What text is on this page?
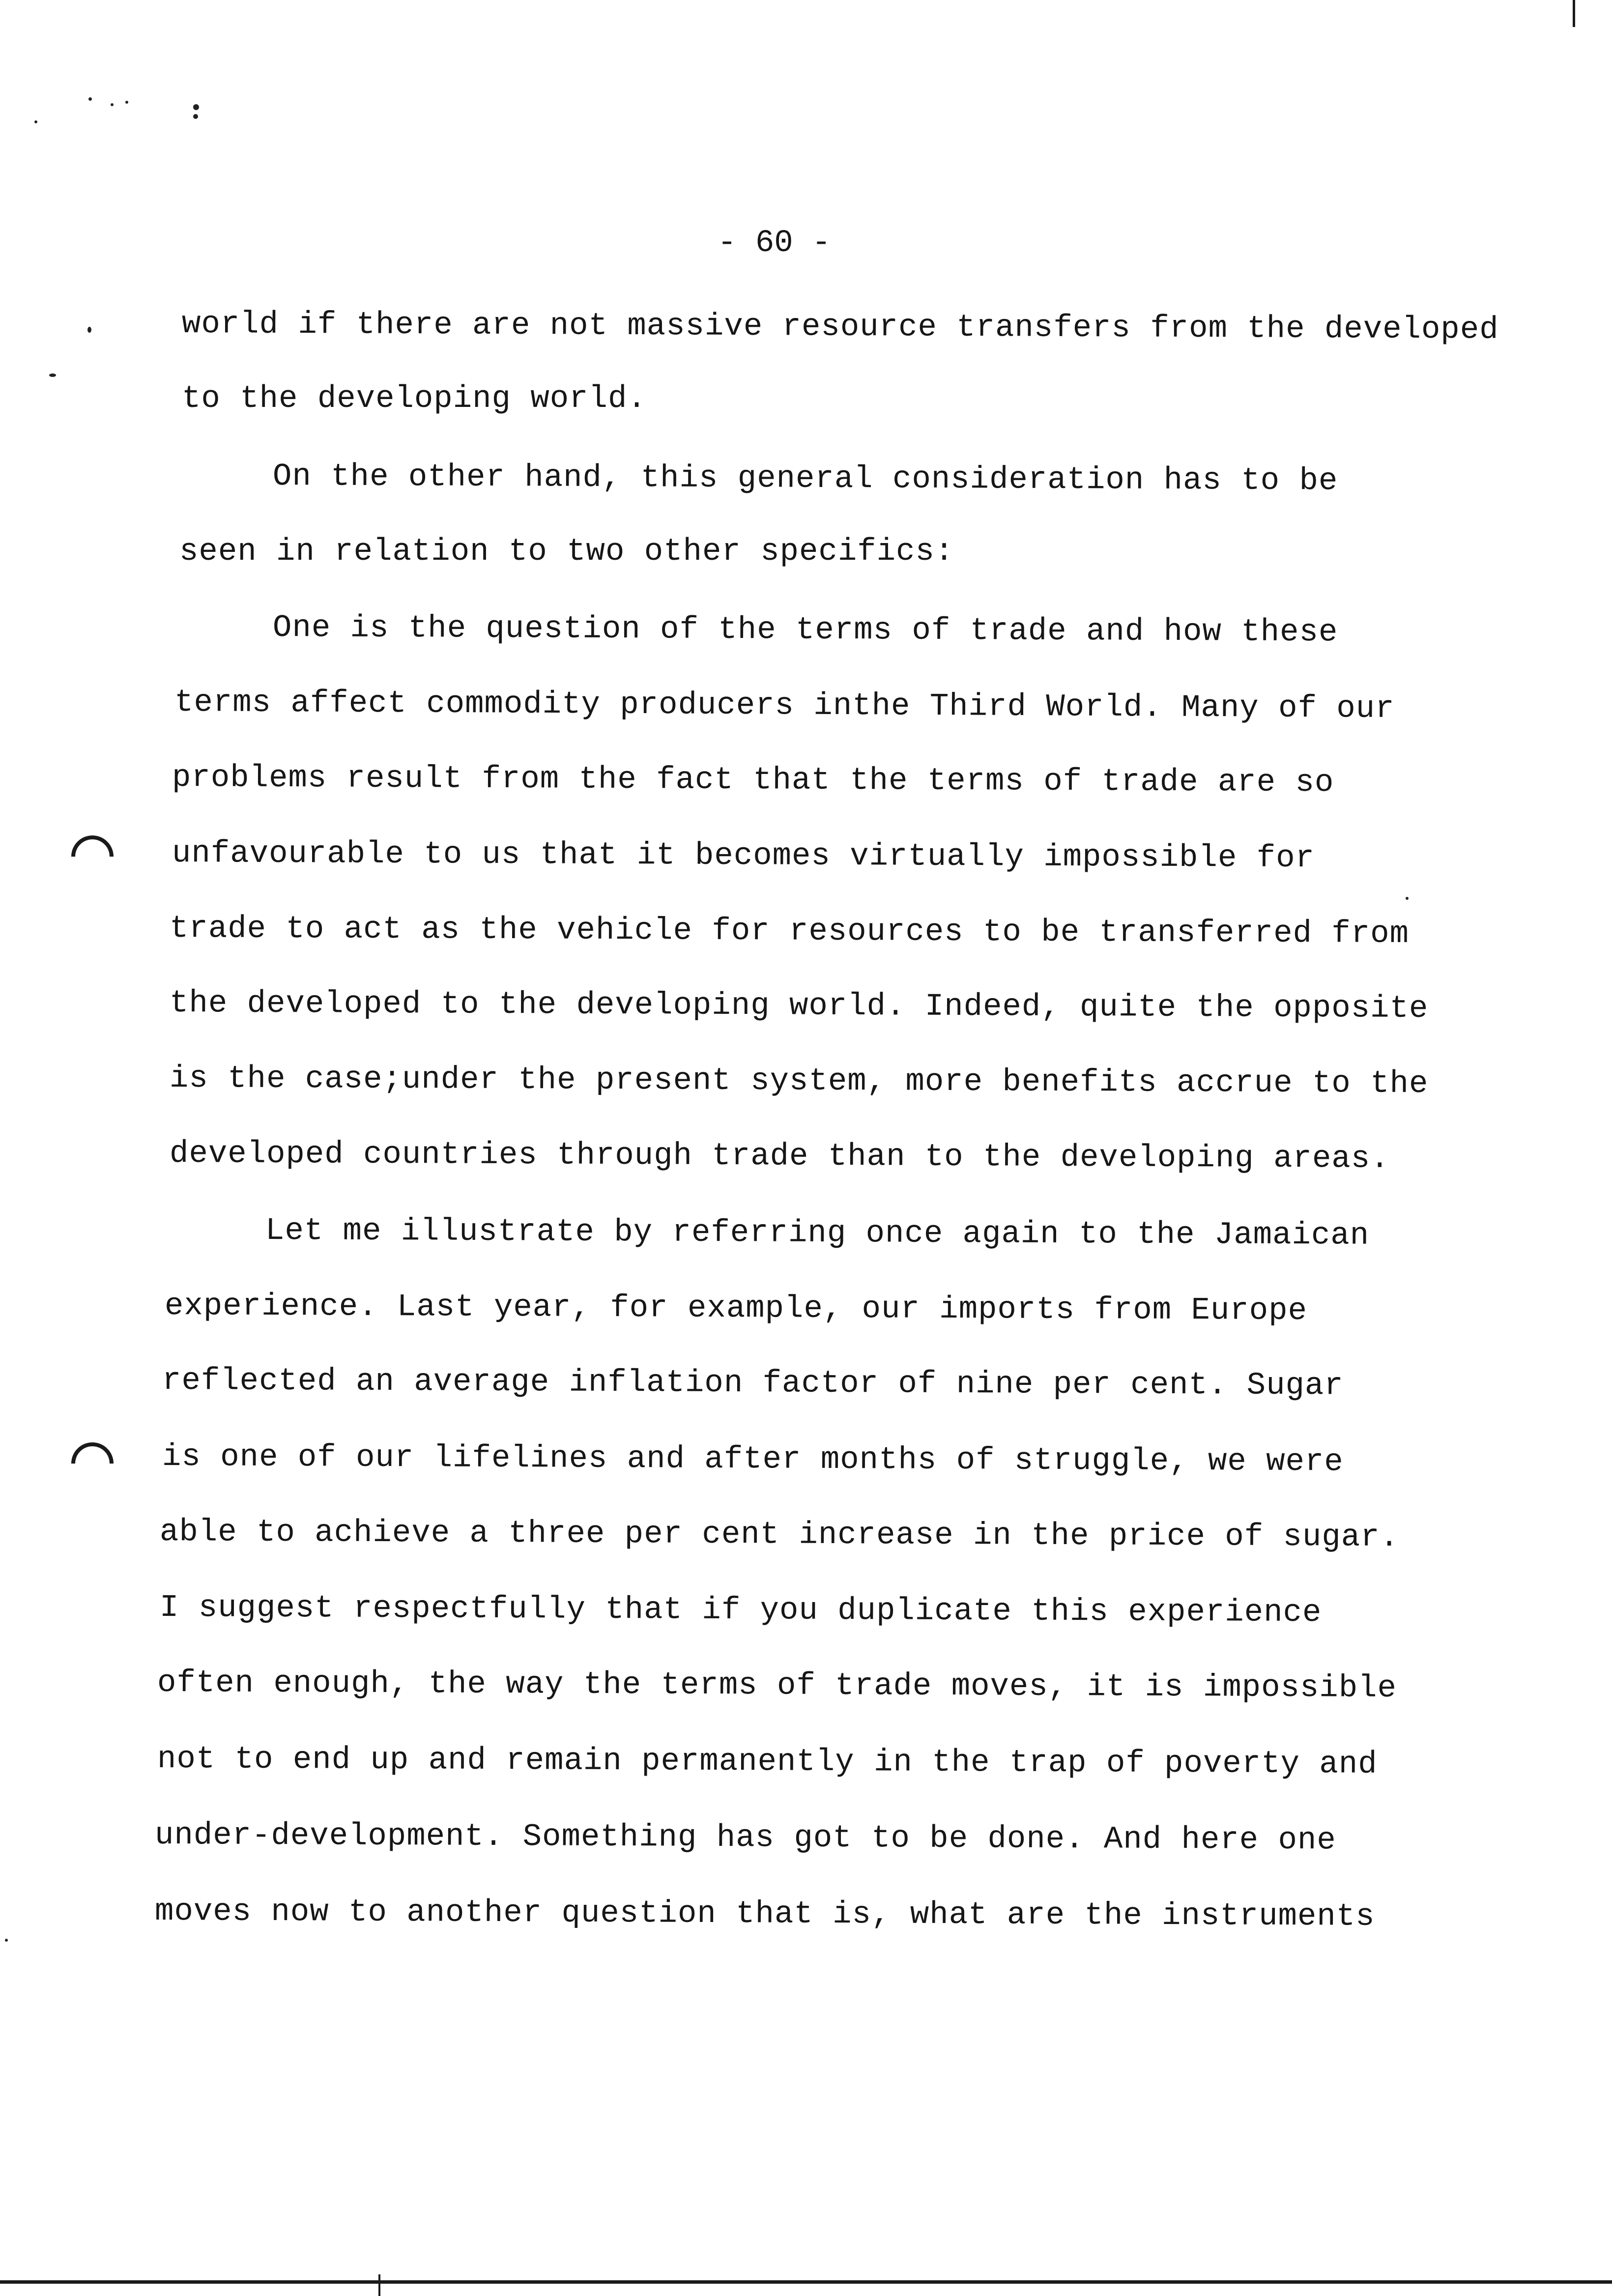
- 60 -
world if there are not massive resource transfers from the developed
to the developing world.
On the other hand, this general consideration has to be
seen in relation to two other specifics:
One is the question of the terms of trade and how these
terms affect commodity producers inthe Third World. Many of our
problems result from the fact that the terms of trade are so
unfavourable to us that it becomes virtually impossible for
trade to act as the vehicle for resources to be transferred from
the developed to the developing world. Indeed, quite the opposite
is the case;under the present system, more benefits accrue to the
developed countries through trade than to the developing areas.
Let me illustrate by referring once again to the Jamaican
experience. Last year, for example, our imports from Europe
reflected an average inflation factor of nine per cent. Sugar
is one of our lifelines and after months of struggle, we were
able to achieve a three per cent increase in the price of sugar.
I suggest respectfully that if you duplicate this experience
often enough, the way the terms of trade moves, it is impossible
not to end up and remain permanently in the trap of poverty and
under-development. Something has got to be done. And here one
moves now to another question that is, what are the instruments
